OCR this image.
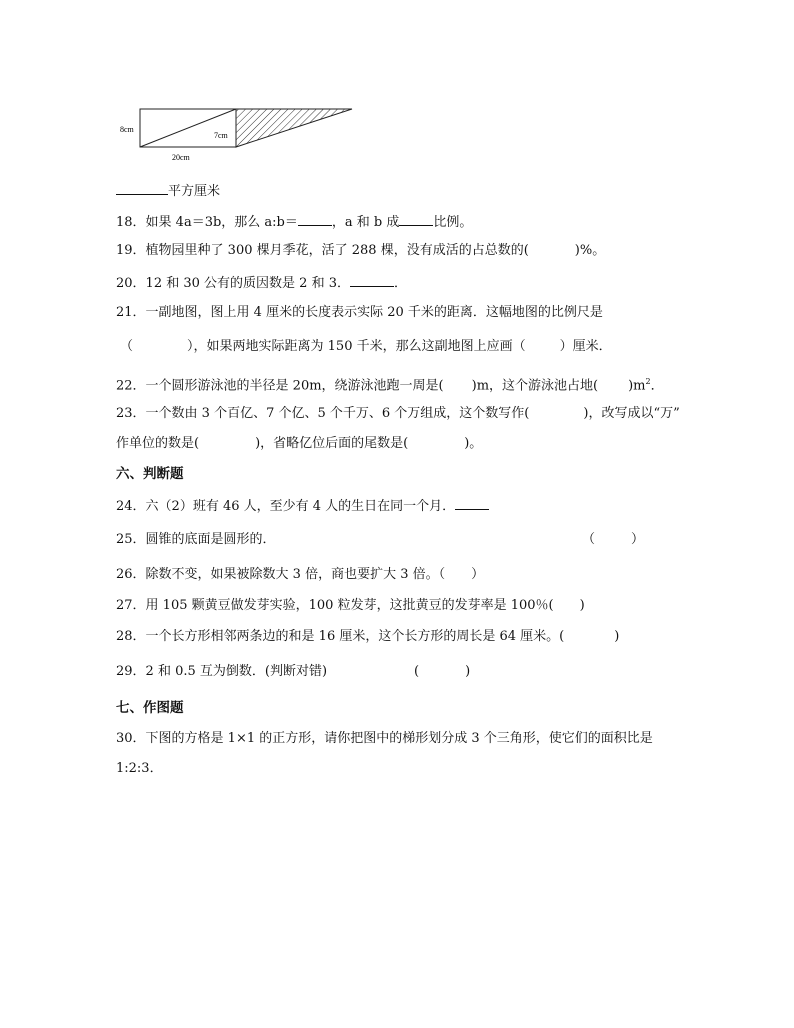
8cm
7cm
20cm
平方厘米
18．如果 4a＝3b，那么 a:b＝	，a 和 b 成	比例。
19．植物园里种了 300 棵月季花，活了 288 棵，没有成活的占总数的(	)%。
20．12 和 30 公有的质因数是 2 和 3．	．
21．一副地图，图上用 4 厘米的长度表示实际 20 千米的距离．这幅地图的比例尺是
（	），如果两地实际距离为 150 千米，那么这副地图上应画（	）厘米．
22．一个圆形游泳池的半径是 20m，绕游泳池跑一周是( )m，这个游泳池占地( )$m^2$．
23．一个数由 3 个百亿、7 个亿、5 个千万、6 个万组成，这个数写作(	)，改写成以“万”
作单位的数是(	)，省略亿位后面的尾数是(	)。
六、判断题
24．六（2）班有 46 人，至少有 4 人的生日在同一个月．
25．圆锥的底面是圆形的．	（	）
26．除数不变，如果被除数大 3 倍，商也要扩大 3 倍。（ ）
27．用 105 颗黄豆做发芽实验，100 粒发芽，这批黄豆的发芽率是 100％( )
28．一个长方形相邻两条边的和是 16 厘米，这个长方形的周长是 64 厘米。(	)
29．2 和 0.5 互为倒数．(判断对错)	(	)
七、作图题
30．下图的方格是 1×1 的正方形，请你把图中的梯形划分成 3 个三角形，使它们的面积比是
1:2:3．
